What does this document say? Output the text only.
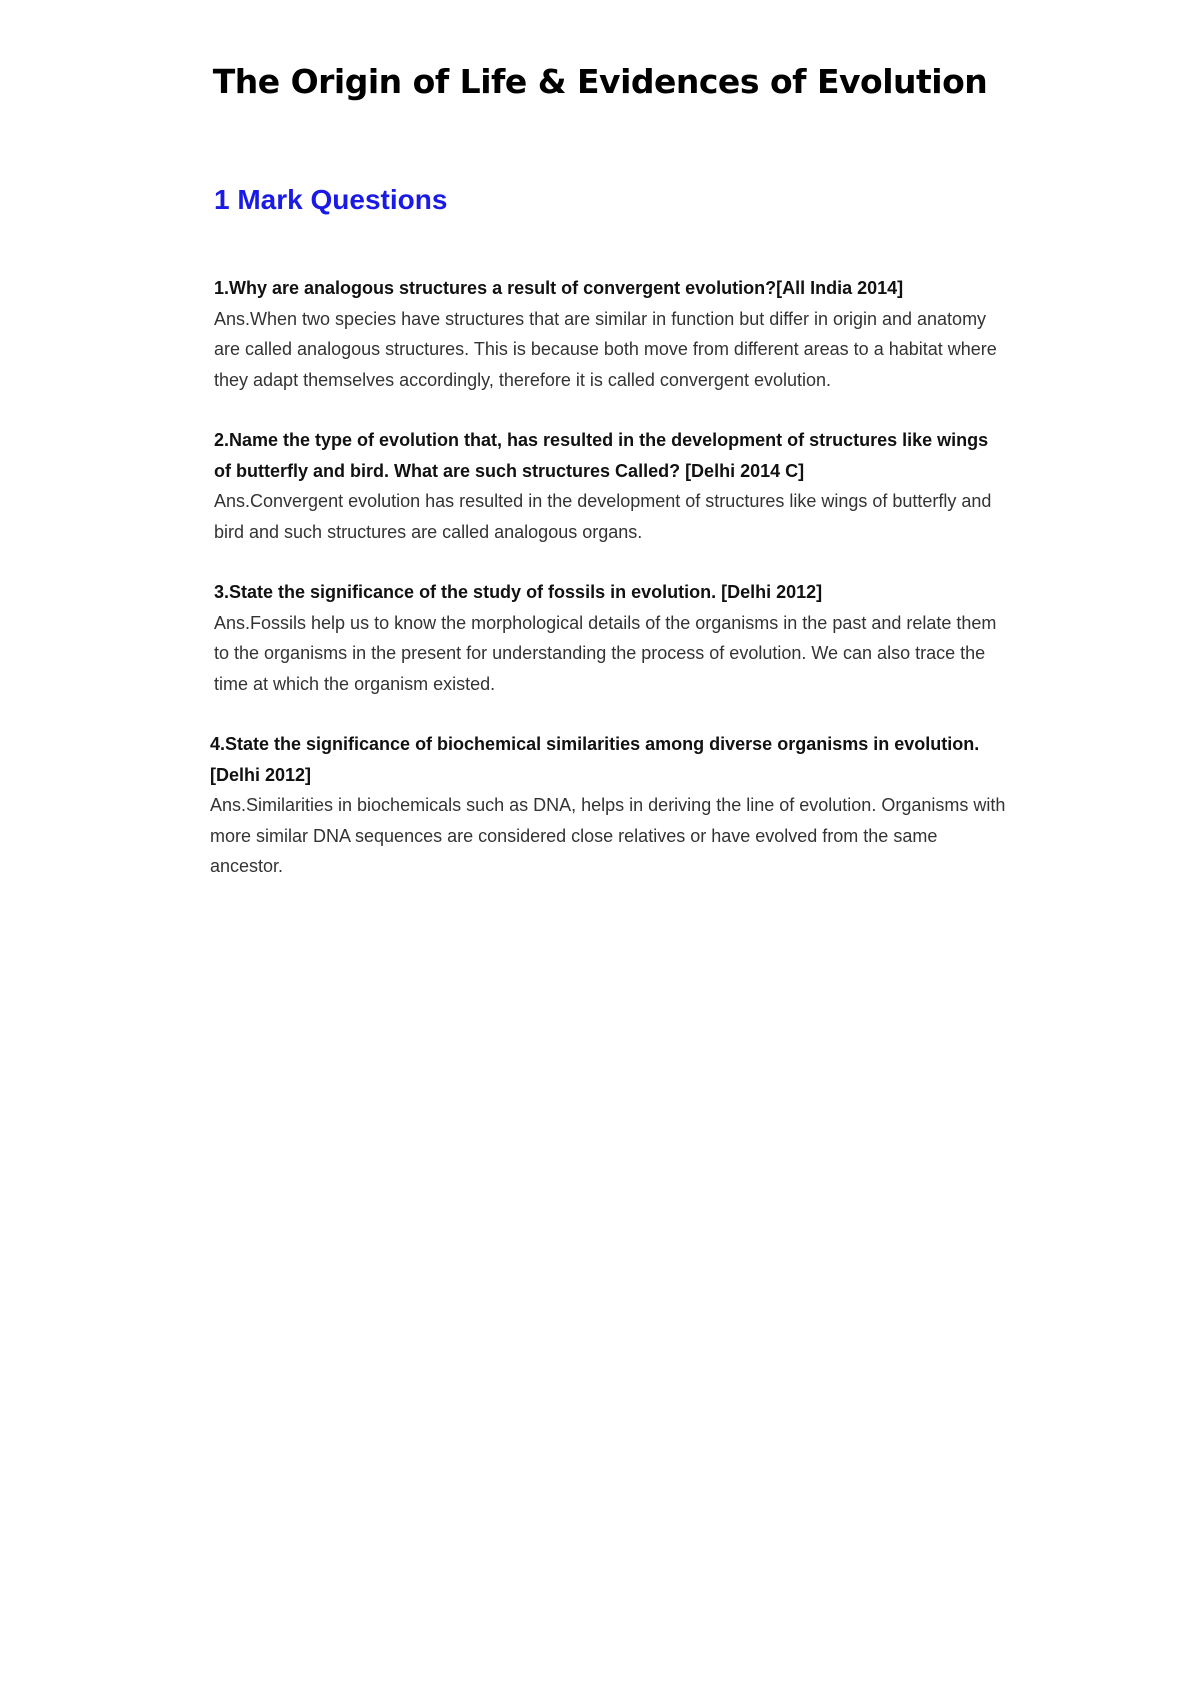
The Origin of Life & Evidences of Evolution
1 Mark Questions
1.Why are analogous structures a result of convergent evolution?[All India 2014]
Ans.When two species have structures that are similar in function but differ in origin and anatomy are called analogous structures. This is because both move from different areas to a habitat where they adapt themselves accordingly, therefore it is called convergent evolution.
2.Name the type of evolution that, has resulted in the development of structures like wings of butterfly and bird. What are such structures Called? [Delhi 2014 C]
Ans.Convergent evolution has resulted in the development of structures like wings of butterfly and bird and such structures are called analogous organs.
3.State the significance of the study of fossils in evolution. [Delhi 2012]
Ans.Fossils help us to know the morphological details of the organisms in the past and relate them to the organisms in the present for understanding the process of evolution. We can also trace the time at which the organism existed.
4.State the significance of biochemical similarities among diverse organisms in evolution. [Delhi 2012]
Ans.Similarities in biochemicals such as DNA, helps in deriving the line of evolution. Organisms with more similar DNA sequences are considered close relatives or have evolved from the same ancestor.
